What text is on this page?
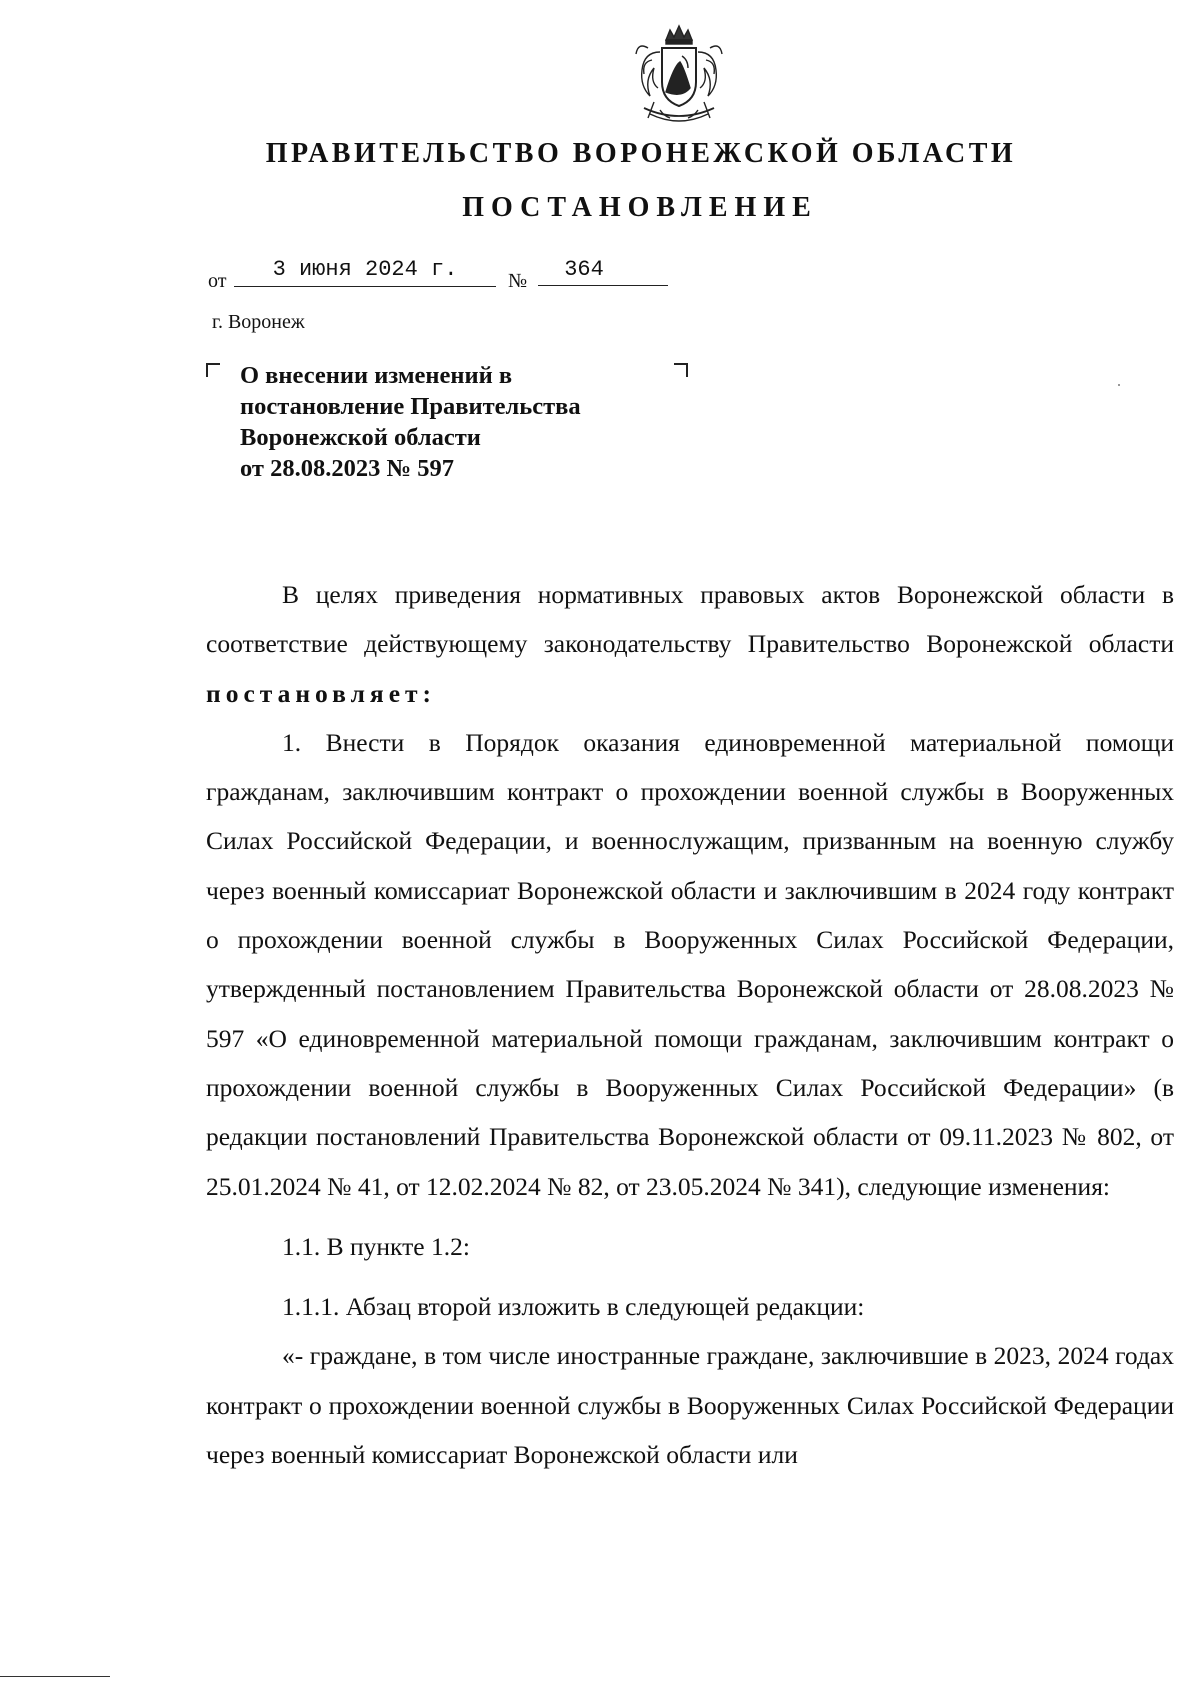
ПРАВИТЕЛЬСТВО ВОРОНЕЖСКОЙ ОБЛАСТИ
ПОСТАНОВЛЕНИЕ
от	3 июня 2024 г.	№	364
г. Воронеж
О внесении изменений в
постановление Правительства
Воронежской области
от 28.08.2023 № 597

В целях приведения нормативных правовых актов Воронежской области в соответствие действующему законодательству Правительство Воронежской области постановляет:

1. Внести в Порядок оказания единовременной материальной помощи гражданам, заключившим контракт о прохождении военной службы в Вооруженных Силах Российской Федерации, и военнослужащим, призванным на военную службу через военный комиссариат Воронежской области и заключившим в 2024 году контракт о прохождении военной службы в Вооруженных Силах Российской Федерации, утвержденный постановлением Правительства Воронежской области от 28.08.2023 № 597 «О единовременной материальной помощи гражданам, заключившим контракт о прохождении военной службы в Вооруженных Силах Российской Федерации» (в редакции постановлений Правительства Воронежской области от 09.11.2023 № 802, от 25.01.2024 № 41, от 12.02.2024 № 82, от 23.05.2024 № 341), следующие изменения:

1.1. В пункте 1.2:

1.1.1. Абзац второй изложить в следующей редакции:

«- граждане, в том числе иностранные граждане, заключившие в 2023, 2024 годах контракт о прохождении военной службы в Вооруженных Силах Российской Федерации через военный комиссариат Воронежской области или
